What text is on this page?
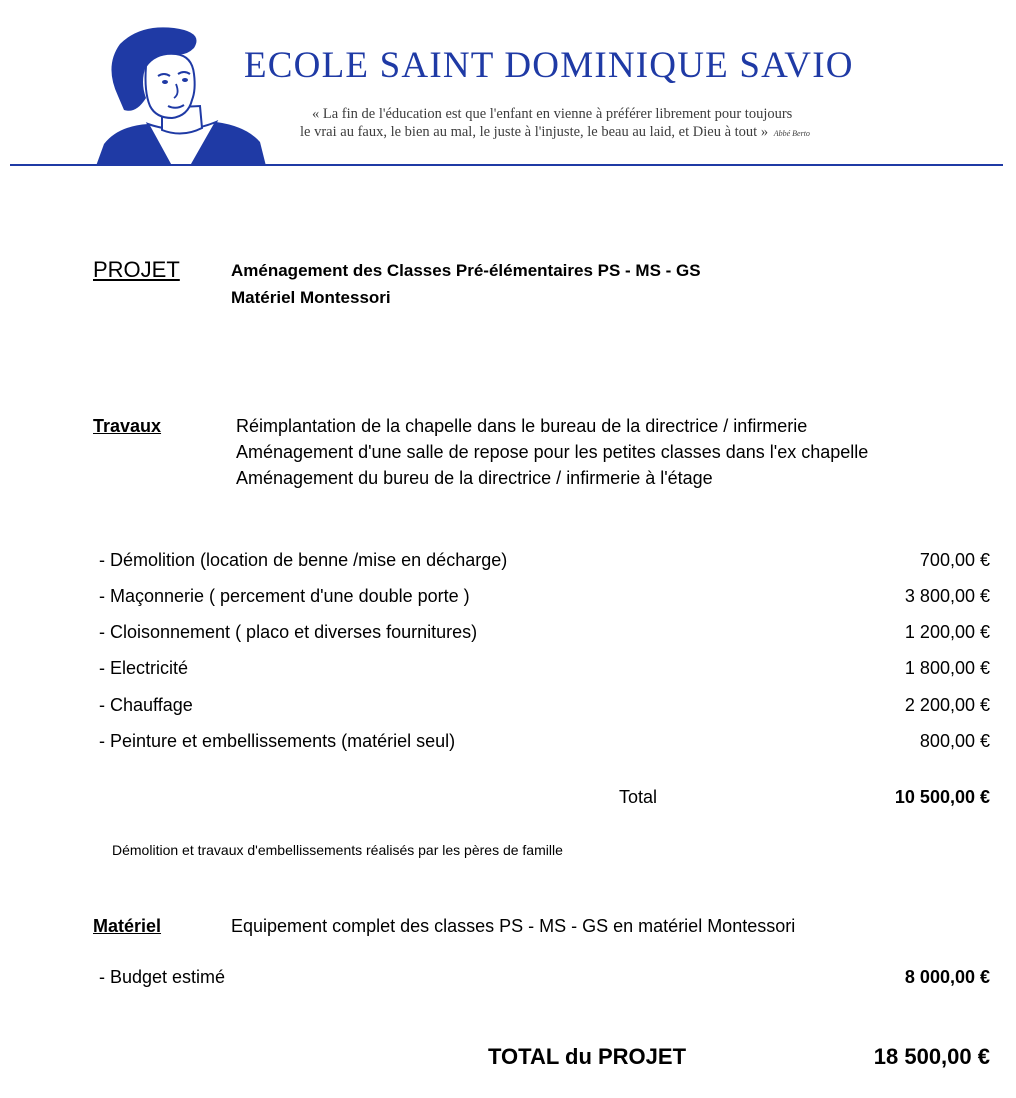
ECOLE SAINT DOMINIQUE SAVIO
« La fin de l'éducation est que l'enfant en vienne à préférer librement pour toujours
le vrai au faux, le bien au mal, le juste à l'injuste, le beau au laid, et Dieu à tout » Abbé Berto
PROJET	Aménagement des Classes Pré-élémentaires PS - MS - GS
Matériel Montessori
Travaux	Réimplantation de la chapelle dans le bureau de la directrice / infirmerie
Aménagement d'une salle de repose pour les petites classes dans l'ex chapelle
Aménagement du bureu de la directrice / infirmerie à l'étage
- Démolition (location de benne /mise en décharge)	700,00 €
- Maçonnerie ( percement d'une double porte )	3 800,00 €
- Cloisonnement ( placo et diverses fournitures)	1 200,00 €
- Electricité	1 800,00 €
- Chauffage	2 200,00 €
- Peinture et embellissements (matériel seul)	800,00 €
Total	10 500,00 €
Démolition et travaux d'embellissements réalisés par les pères de famille
Matériel	Equipement complet des classes PS - MS - GS en matériel Montessori
- Budget estimé	8 000,00 €
TOTAL du PROJET	18 500,00 €
